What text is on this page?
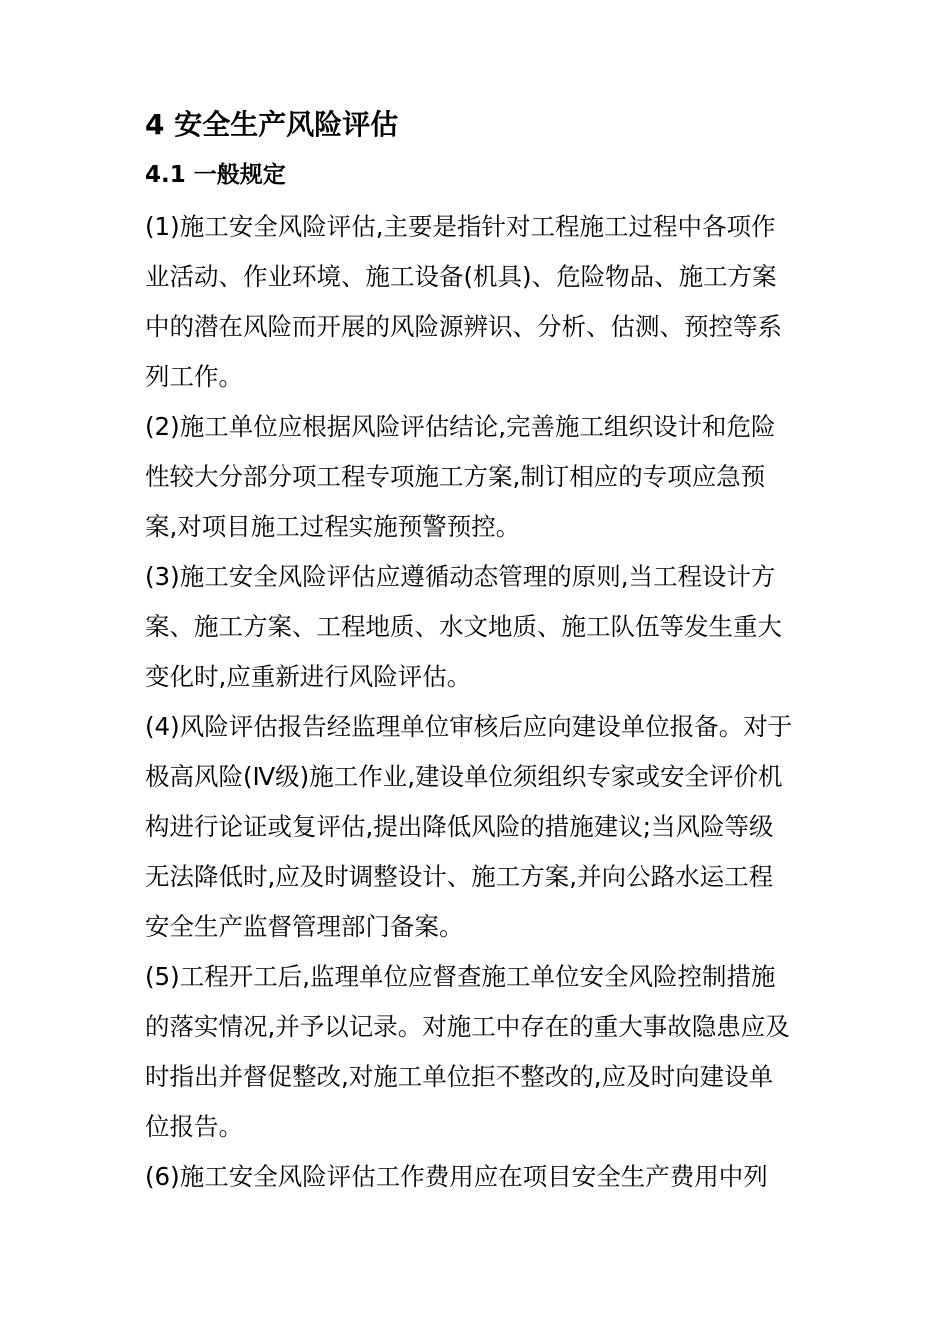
4 安全生产风险评估
4.1 一般规定
(1)施工安全风险评估,主要是指针对工程施工过程中各项作
业活动、作业环境、施工设备(机具)、危险物品、施工方案
中的潜在风险而开展的风险源辨识、分析、估测、预控等系
列工作。
(2)施工单位应根据风险评估结论,完善施工组织设计和危险
性较大分部分项工程专项施工方案,制订相应的专项应急预
案,对项目施工过程实施预警预控。
(3)施工安全风险评估应遵循动态管理的原则,当工程设计方
案、施工方案、工程地质、水文地质、施工队伍等发生重大
变化时,应重新进行风险评估。
(4)风险评估报告经监理单位审核后应向建设单位报备。对于
极高风险(Ⅳ级)施工作业,建设单位须组织专家或安全评价机
构进行论证或复评估,提出降低风险的措施建议;当风险等级
无法降低时,应及时调整设计、施工方案,并向公路水运工程
安全生产监督管理部门备案。
(5)工程开工后,监理单位应督查施工单位安全风险控制措施
的落实情况,并予以记录。对施工中存在的重大事故隐患应及
时指出并督促整改,对施工单位拒不整改的,应及时向建设单
位报告。
(6)施工安全风险评估工作费用应在项目安全生产费用中列
